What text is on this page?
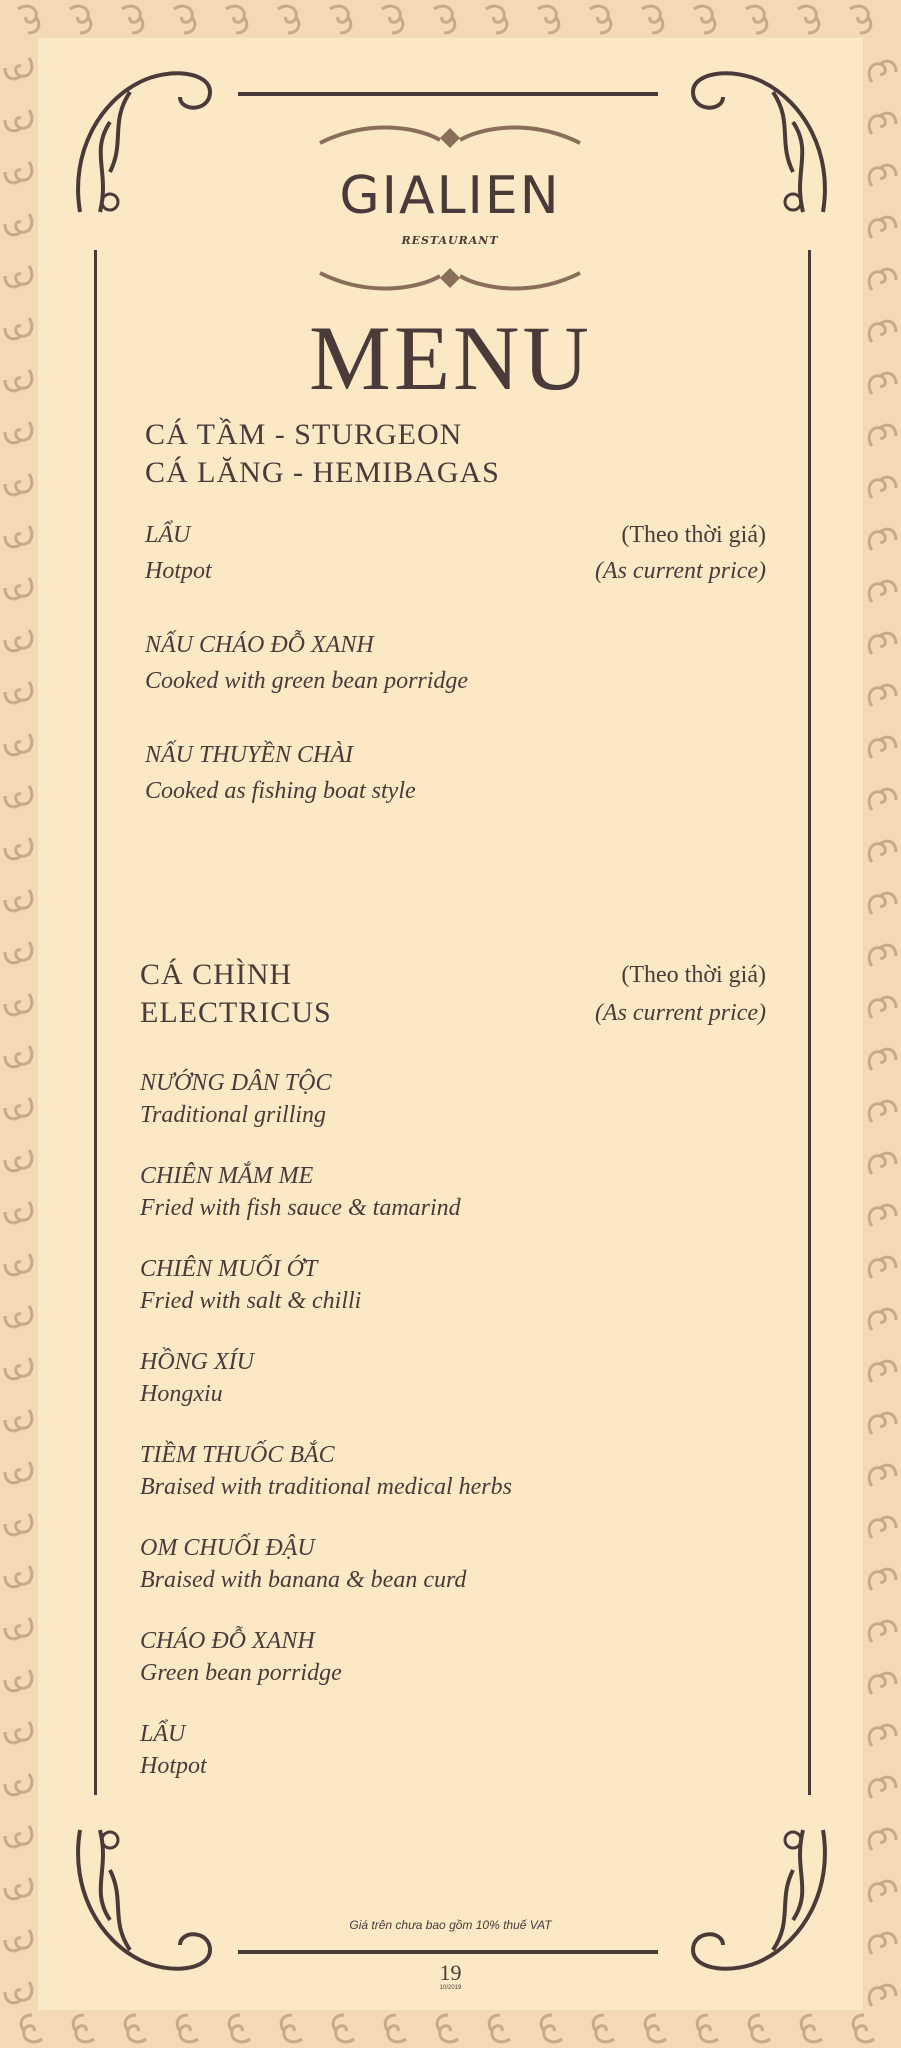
GIALIEN
RESTAURANT
MENU
CÁ TẦM - STURGEON
CÁ LĂNG - HEMIBAGAS
LẨU
Hotpot
(Theo thời giá)
(As current price)
NẤU CHÁO ĐỖ XANH
Cooked with green bean porridge
NẤU THUYỀN CHÀI
Cooked as fishing boat style
CÁ CHÌNH
ELECTRICUS
(Theo thời giá)
(As current price)
NƯỚNG DÂN TỘC
Traditional grilling
CHIÊN MẮM ME
Fried with fish sauce & tamarind
CHIÊN MUỐI ỚT
Fried with salt & chilli
HỒNG XÍU
Hongxiu
TIỀM THUỐC BẮC
Braised with traditional medical herbs
OM CHUỐI ĐẬU
Braised with banana & bean curd
CHÁO ĐỖ XANH
Green bean porridge
LẨU
Hotpot
Giá trên chưa bao gồm 10% thuế VAT
19
10/2019
